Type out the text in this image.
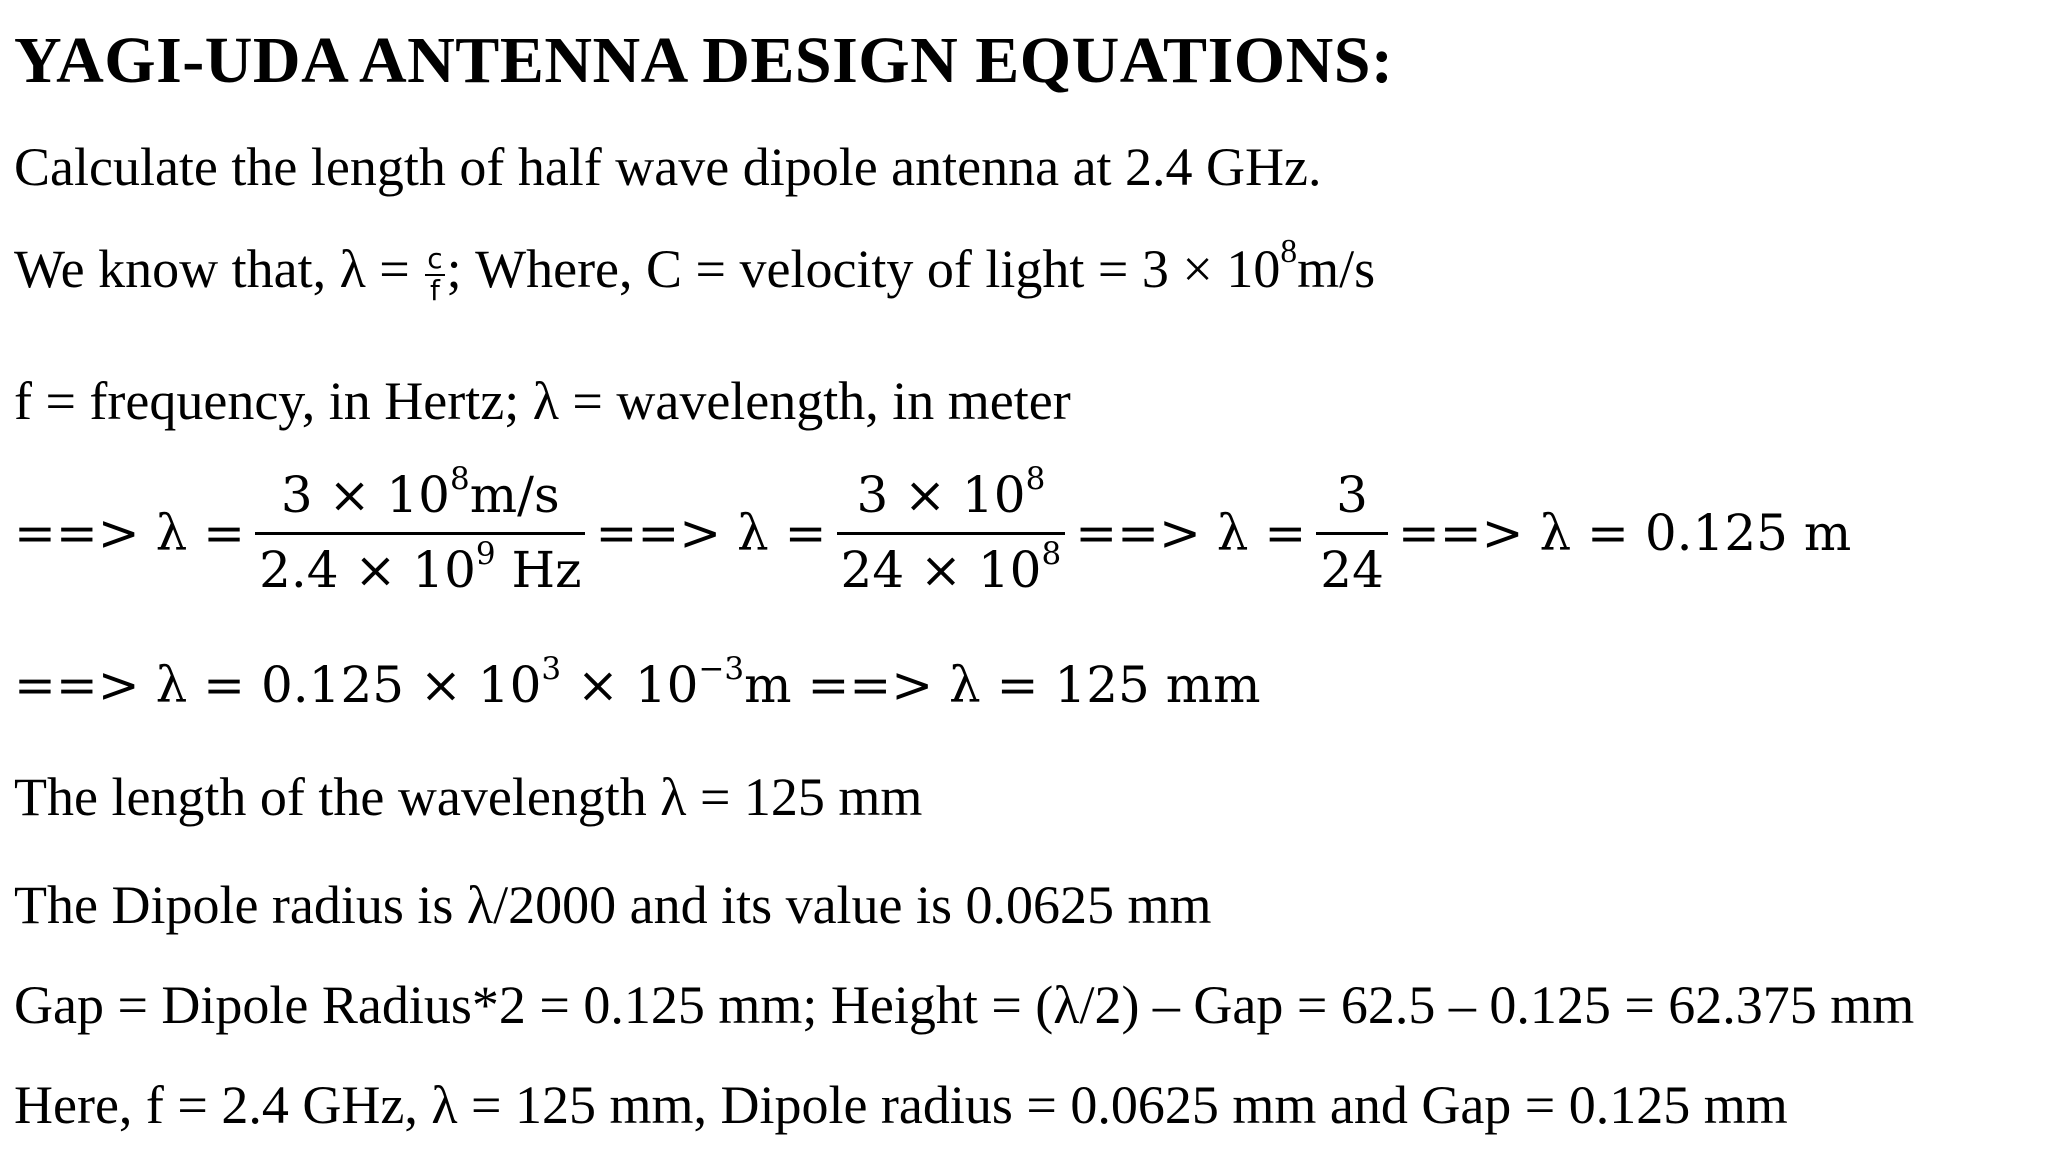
YAGI-UDA ANTENNA DESIGN EQUATIONS:
Calculate the length of half wave dipole antenna at 2.4 GHz.
We know that, $\lambda = \frac{c}{f}$ ; Where, C = velocity of light = $3 \times 10^8m/s$
f = frequency, in Hertz; λ = wavelength, in meter
==> $\lambda = \frac{3 \times 10^8m/s}{2.4 \times 10^9 Hz}$ ==> $\lambda = \frac{3 \times 10^8}{24 \times 10^8}$ ==> $\lambda = \frac{3}{24}$ ==> λ = 0.125 m
==> $\lambda = 0.125 \times 10^3 \times 10^{-3}m$ ==> λ = 125 mm
The length of the wavelength λ = 125 mm
The Dipole radius is λ/2000 and its value is 0.0625 mm
Gap = Dipole Radius*2 = 0.125 mm; Height = (λ/2) – Gap = 62.5 – 0.125 = 62.375 mm
Here, f = 2.4 GHz, λ = 125 mm, Dipole radius = 0.0625 mm and Gap = 0.125 mm
